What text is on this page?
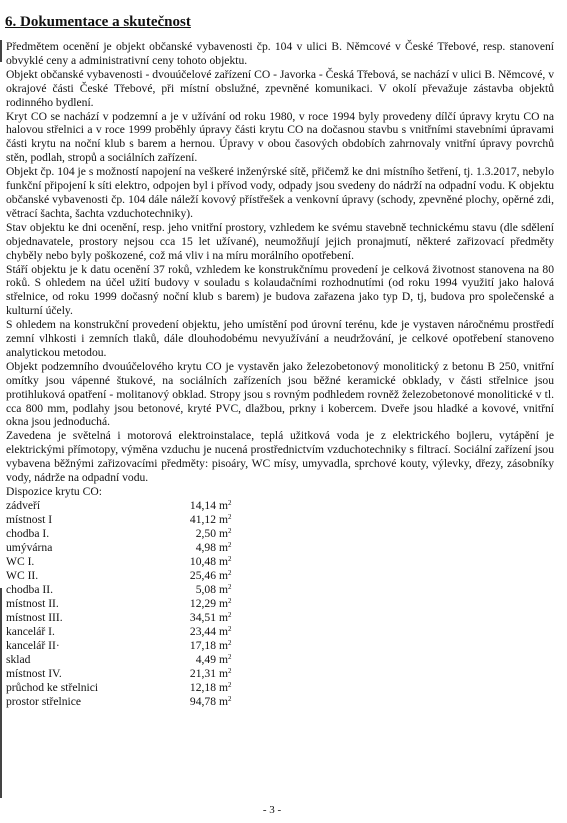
6. Dokumentace a skutečnost

Předmětem ocenění je objekt občanské vybavenosti čp. 104 v ulici B. Němcové v České Třebové, resp. stanovení obvyklé ceny a administrativní ceny tohoto objektu.

Objekt občanské vybavenosti - dvouúčelové zařízení CO - Javorka - Česká Třebová, se nachází v ulici B. Němcové, v okrajové části České Třebové, při místní obslužné, zpevněné komunikaci. V okolí převažuje zástavba objektů rodinného bydlení.

Kryt CO se nachází v podzemní a je v užívání od roku 1980, v roce 1994 byly provedeny dílčí úpravy krytu CO na halovou střelnici a v roce 1999 proběhly úpravy části krytu CO na dočasnou stavbu s vnitřními stavebními úpravami části krytu na noční klub s barem a hernou. Úpravy v obou časových obdobích zahrnovaly vnitřní úpravy povrchů stěn, podlah, stropů a sociálních zařízení.

Objekt čp. 104 je s možností napojení na veškeré inženýrské sítě, přičemž ke dni místního šetření, tj. 1.3.2017, nebylo funkční připojení k síti elektro, odpojen byl i přívod vody, odpady jsou svedeny do nádrží na odpadní vodu. K objektu občanské vybavenosti čp. 104 dále náleží kovový přístřešek a venkovní úpravy (schody, zpevněné plochy, opěrné zdi, větrací šachta, šachta vzduchotechniky).

Stav objektu ke dni ocenění, resp. jeho vnitřní prostory, vzhledem ke svému stavebně technickému stavu (dle sdělení objednavatele, prostory nejsou cca 15 let užívané), neumožňují jejich pronajmutí, některé zařizovací předměty chyběly nebo byly poškozené, což má vliv i na míru morálního opotřebení.

Stáří objektu je k datu ocenění 37 roků, vzhledem ke konstrukčnímu provedení je celková životnost stanovena na 80 roků. S ohledem na účel užití budovy v souladu s kolaudačními rozhodnutími (od roku 1994 využití jako halová střelnice, od roku 1999 dočasný noční klub s barem) je budova zařazena jako typ D, tj, budova pro společenské a kulturní účely.

S ohledem na konstrukční provedení objektu, jeho umístění pod úrovní terénu, kde je vystaven náročnému prostředí zemní vlhkosti i zemních tlaků, dále dlouhodobému nevyužívání a neudržování, je celkové opotřebení stanoveno analytickou metodou.

Objekt podzemního dvouúčelového krytu CO je vystavěn jako železobetonový monolitický z betonu B 250, vnitřní omítky jsou vápenné štukové, na sociálních zařízeních jsou běžné keramické obklady, v části střelnice jsou protihluková opatření - molitanový obklad. Stropy jsou s rovným podhledem rovněž železobetonové monolitické v tl. cca 800 mm, podlahy jsou betonové, kryté PVC, dlažbou, prkny i kobercem. Dveře jsou hladké a kovové, vnitřní okna jsou jednoduchá.

Zavedena je světelná i motorová elektroinstalace, teplá užitková voda je z elektrického bojleru, vytápění je elektrickými přímotopy, výměna vzduchu je nucená prostřednictvím vzduchotechniky s filtrací. Sociální zařízení jsou vybavena běžnými zařizovacími předměty: pisoáry, WC mísy, umyvadla, sprchové kouty, výlevky, dřezy, zásobníky vody, nádrže na odpadní vodu.

Dispozice krytu CO:

zádveří	14,14	$m^2$
místnost I	41,12	$m^2$
chodba I.	2,50	$m^2$
umývárna	4,98	$m^2$
WC I.	10,48	$m^2$
WC II.	25,46	$m^2$
chodba II.	5,08	$m^2$
místnost II.	12,29	$m^2$
místnost III.	34,51	$m^2$
kancelář I.	23,44	$m^2$
kancelář II·	17,18	$m^2$
sklad	4,49	$m^2$
místnost IV.	21,31	$m^2$
průchod ke střelnici	12,18	$m^2$
prostor střelnice	94,78	$m^2$
- 3 -
